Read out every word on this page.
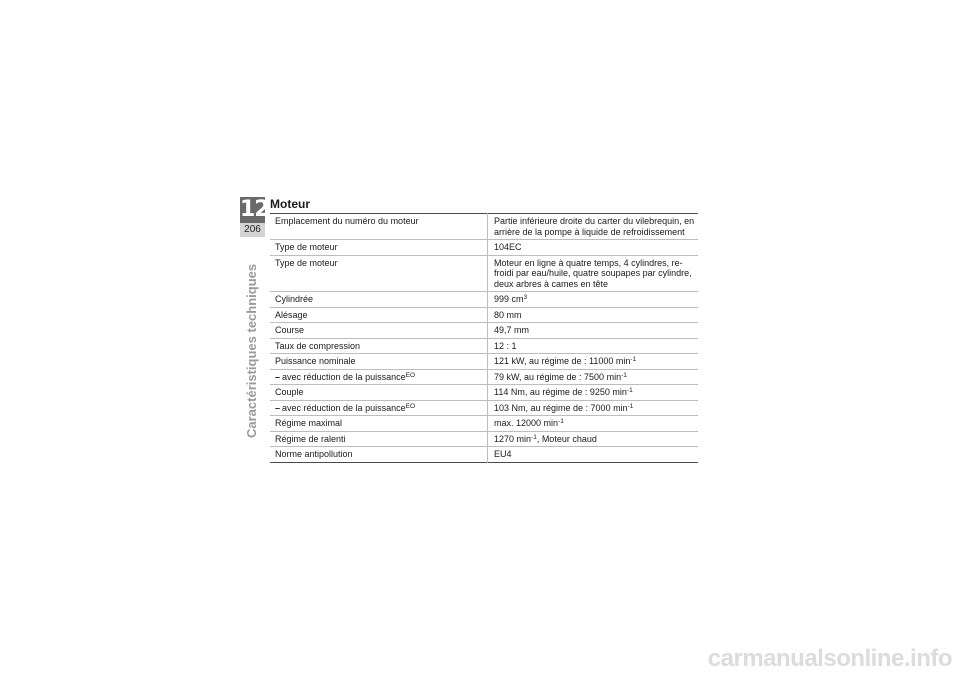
12
206
Caractéristiques techniques
Moteur
Emplacement du numéro du moteur	Partie inférieure droite du carter du vilebrequin, en arrière de la pompe à liquide de refroidissement
Type de moteur	104EC
Type de moteur	Moteur en ligne à quatre temps, 4 cylindres, re-froidi par eau/huile, quatre soupapes par cylindre, deux arbres à cames en tête
Cylindrée	999 $cm^3$
Alésage	80 mm
Course	49,7 mm
Taux de compression	12 : 1
Puissance nominale	121 kW, au régime de : 11000 $\min^{-1}$
– avec réduction de la puissance$^{EO}$	79 kW, au régime de : 7500 $\min^{-1}$
Couple	114 Nm, au régime de : 9250 $\min^{-1}$
– avec réduction de la puissance$^{EO}$	103 Nm, au régime de : 7000 $\min^{-1}$
Régime maximal	max. 12000 $\min^{-1}$
Régime de ralenti	1270 $\min^{-1}$, Moteur chaud
Norme antipollution	EU4
carmanualsonline.info
